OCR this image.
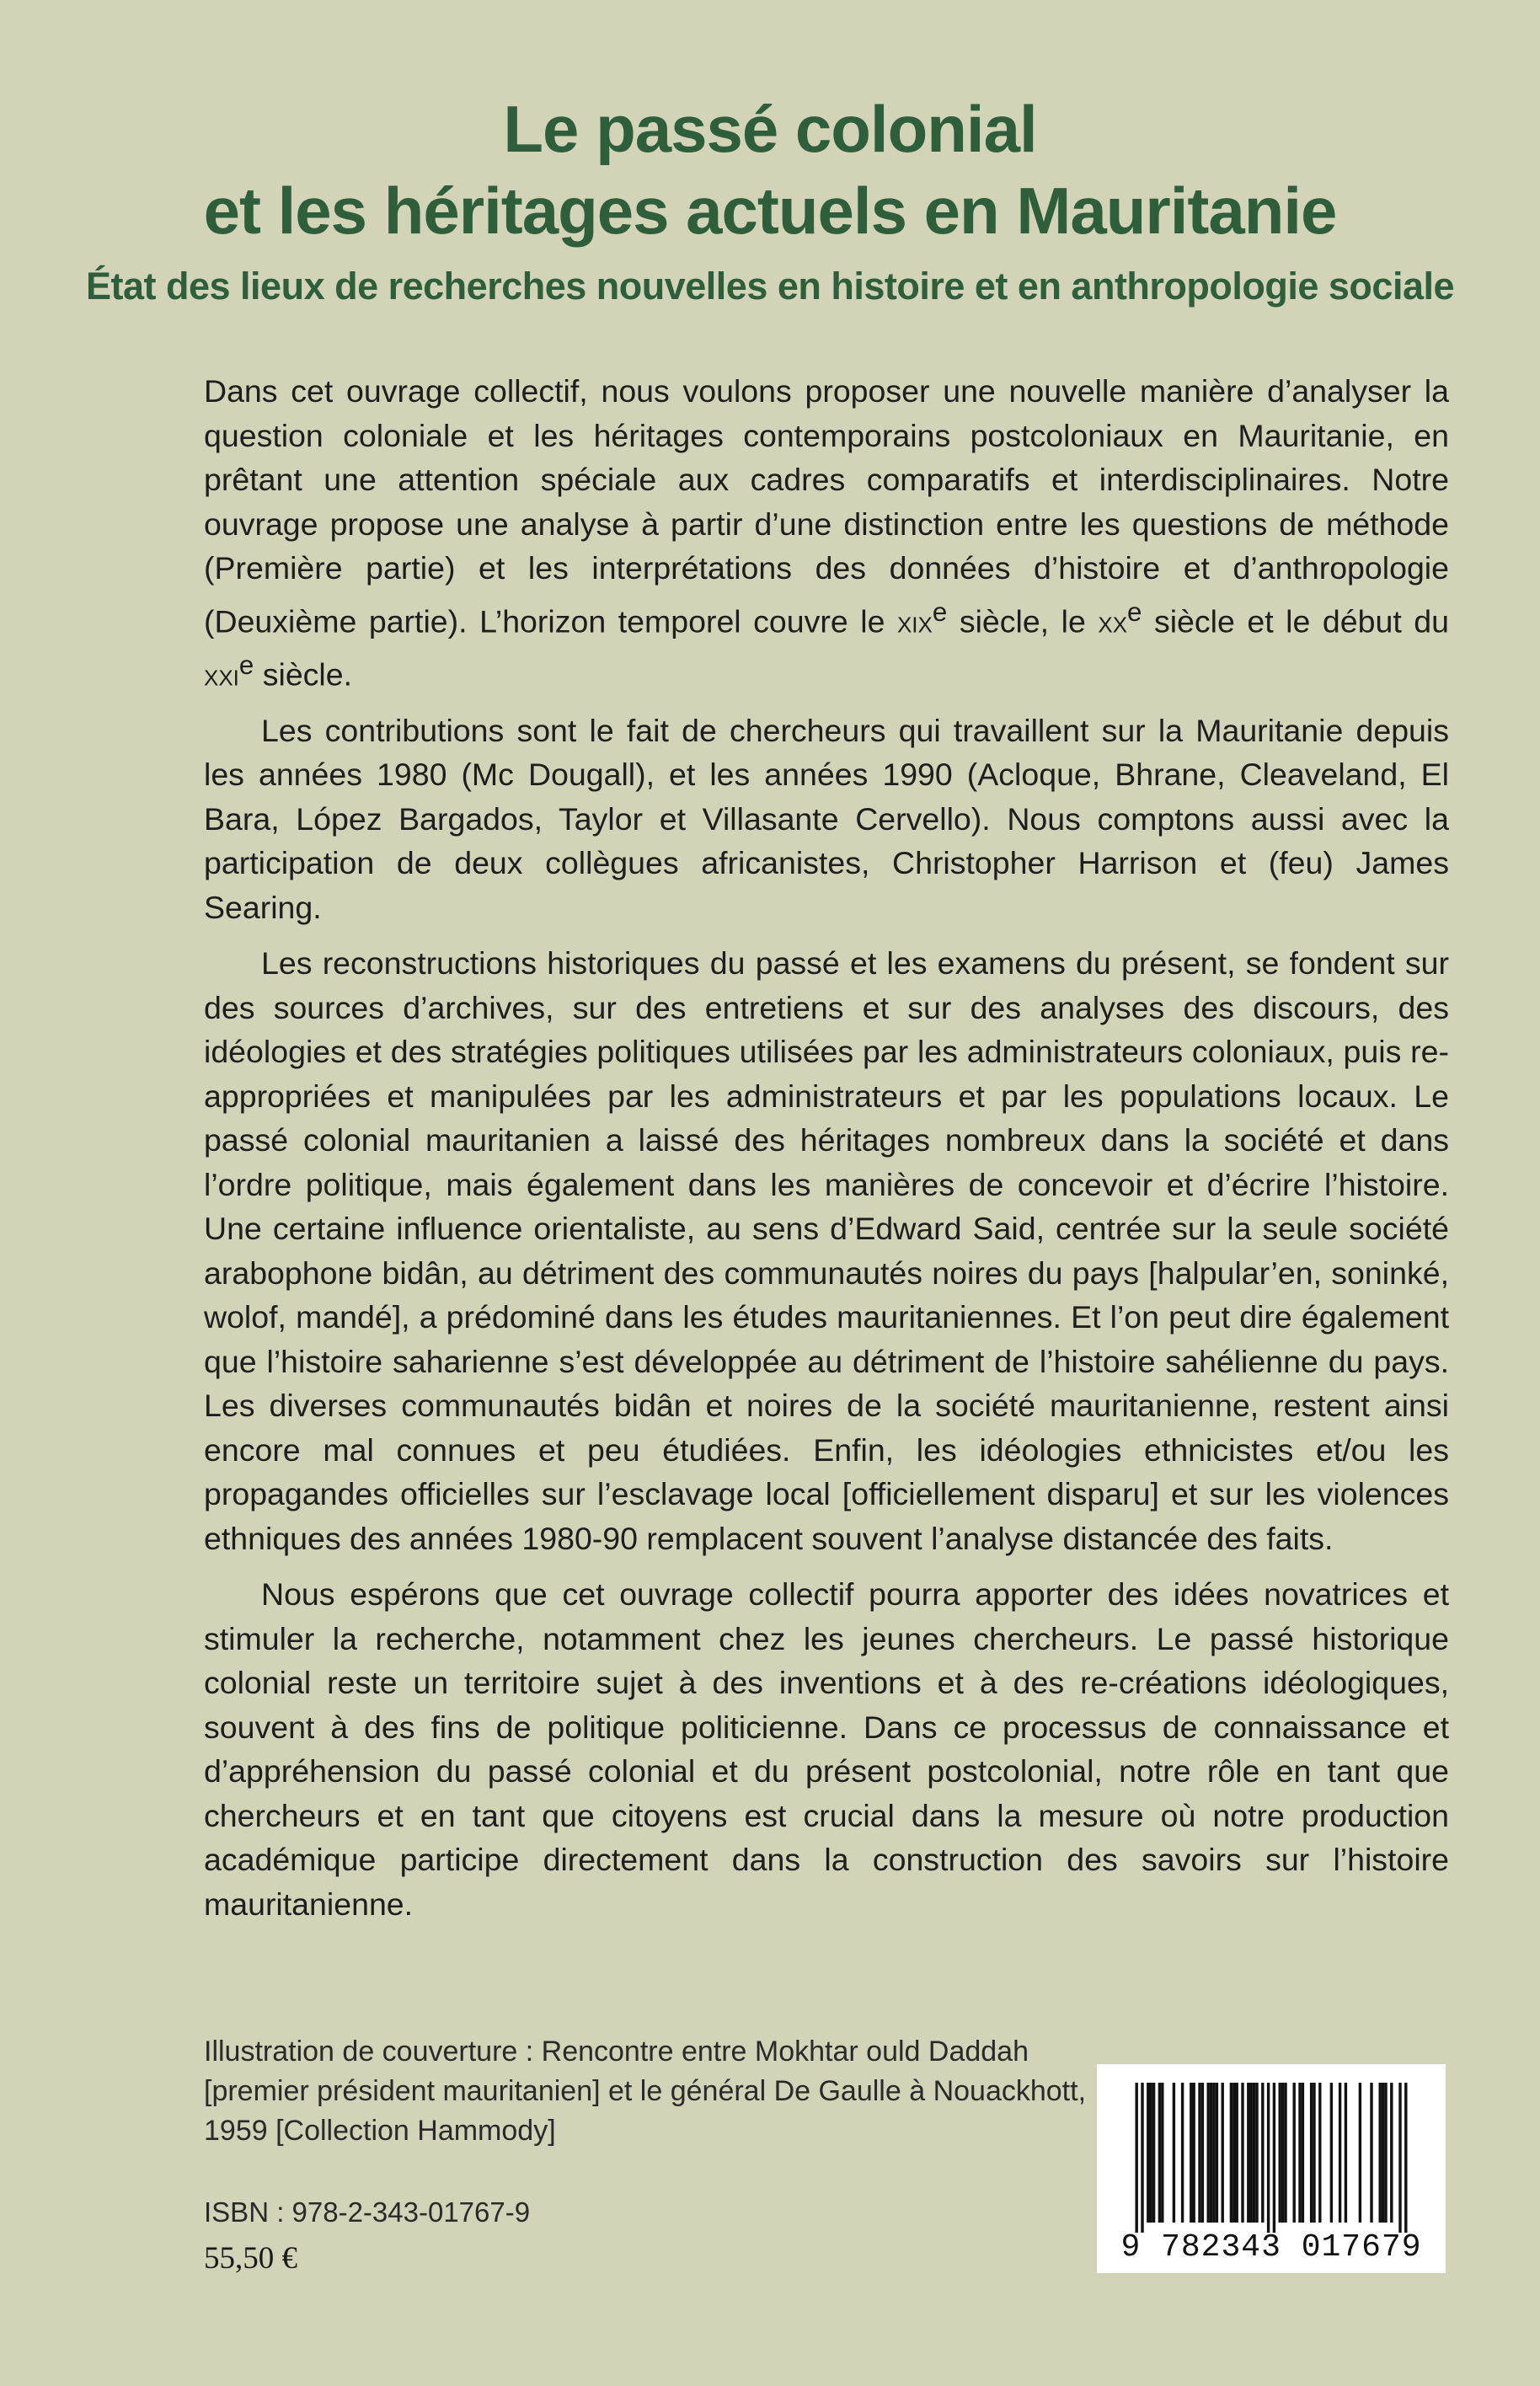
Le passé colonial
et les héritages actuels en Mauritanie
État des lieux de recherches nouvelles en histoire et en anthropologie sociale

Dans cet ouvrage collectif, nous voulons proposer une nouvelle manière d’analyser la question coloniale et les héritages contemporains postcoloniaux en Mauritanie, en prêtant une attention spéciale aux cadres comparatifs et interdisciplinaires. Notre ouvrage propose une analyse à partir d’une distinction entre les questions de méthode (Première partie) et les interprétations des données d’histoire et d’anthropologie (Deuxième partie). L’horizon temporel couvre le xix$^e$ siècle, le $xx^e$ siècle et le début du xxi$^e$ siècle.

Les contributions sont le fait de chercheurs qui travaillent sur la Mauritanie depuis les années 1980 (Mc Dougall), et les années 1990 (Acloque, Bhrane, Cleaveland, El Bara, López Bargados, Taylor et Villasante Cervello). Nous comptons aussi avec la participation de deux collègues africanistes, Christopher Harrison et (feu) James Searing.

Les reconstructions historiques du passé et les examens du présent, se fondent sur des sources d’archives, sur des entretiens et sur des analyses des discours, des idéologies et des stratégies politiques utilisées par les administrateurs coloniaux, puis re-appropriées et manipulées par les administrateurs et par les populations locaux. Le passé colonial mauritanien a laissé des héritages nombreux dans la société et dans l’ordre politique, mais également dans les manières de concevoir et d’écrire l’histoire. Une certaine influence orientaliste, au sens d’Edward Said, centrée sur la seule société arabophone bidân, au détriment des communautés noires du pays [halpular’en, soninké, wolof, mandé], a prédominé dans les études mauritaniennes. Et l’on peut dire également que l’histoire saharienne s’est développée au détriment de l’histoire sahélienne du pays. Les diverses communautés bidân et noires de la société mauritanienne, restent ainsi encore mal connues et peu étudiées. Enfin, les idéologies ethnicistes et/ou les propagandes officielles sur l’esclavage local [officiellement disparu] et sur les violences ethniques des années 1980-90 remplacent souvent l’analyse distancée des faits.

Nous espérons que cet ouvrage collectif pourra apporter des idées novatrices et stimuler la recherche, notamment chez les jeunes chercheurs. Le passé historique colonial reste un territoire sujet à des inventions et à des re-créations idéologiques, souvent à des fins de politique politicienne. Dans ce processus de connaissance et d’appréhension du passé colonial et du présent postcolonial, notre rôle en tant que chercheurs et en tant que citoyens est crucial dans la mesure où notre production académique participe directement dans la construction des savoirs sur l’histoire mauritanienne.

Illustration de couverture : Rencontre entre Mokhtar ould Daddah
[premier président mauritanien] et le général De Gaulle à Nouackhott,
1959 [Collection Hammody]
ISBN : 978-2-343-01767-9
55,50 €	9 782343 017679
